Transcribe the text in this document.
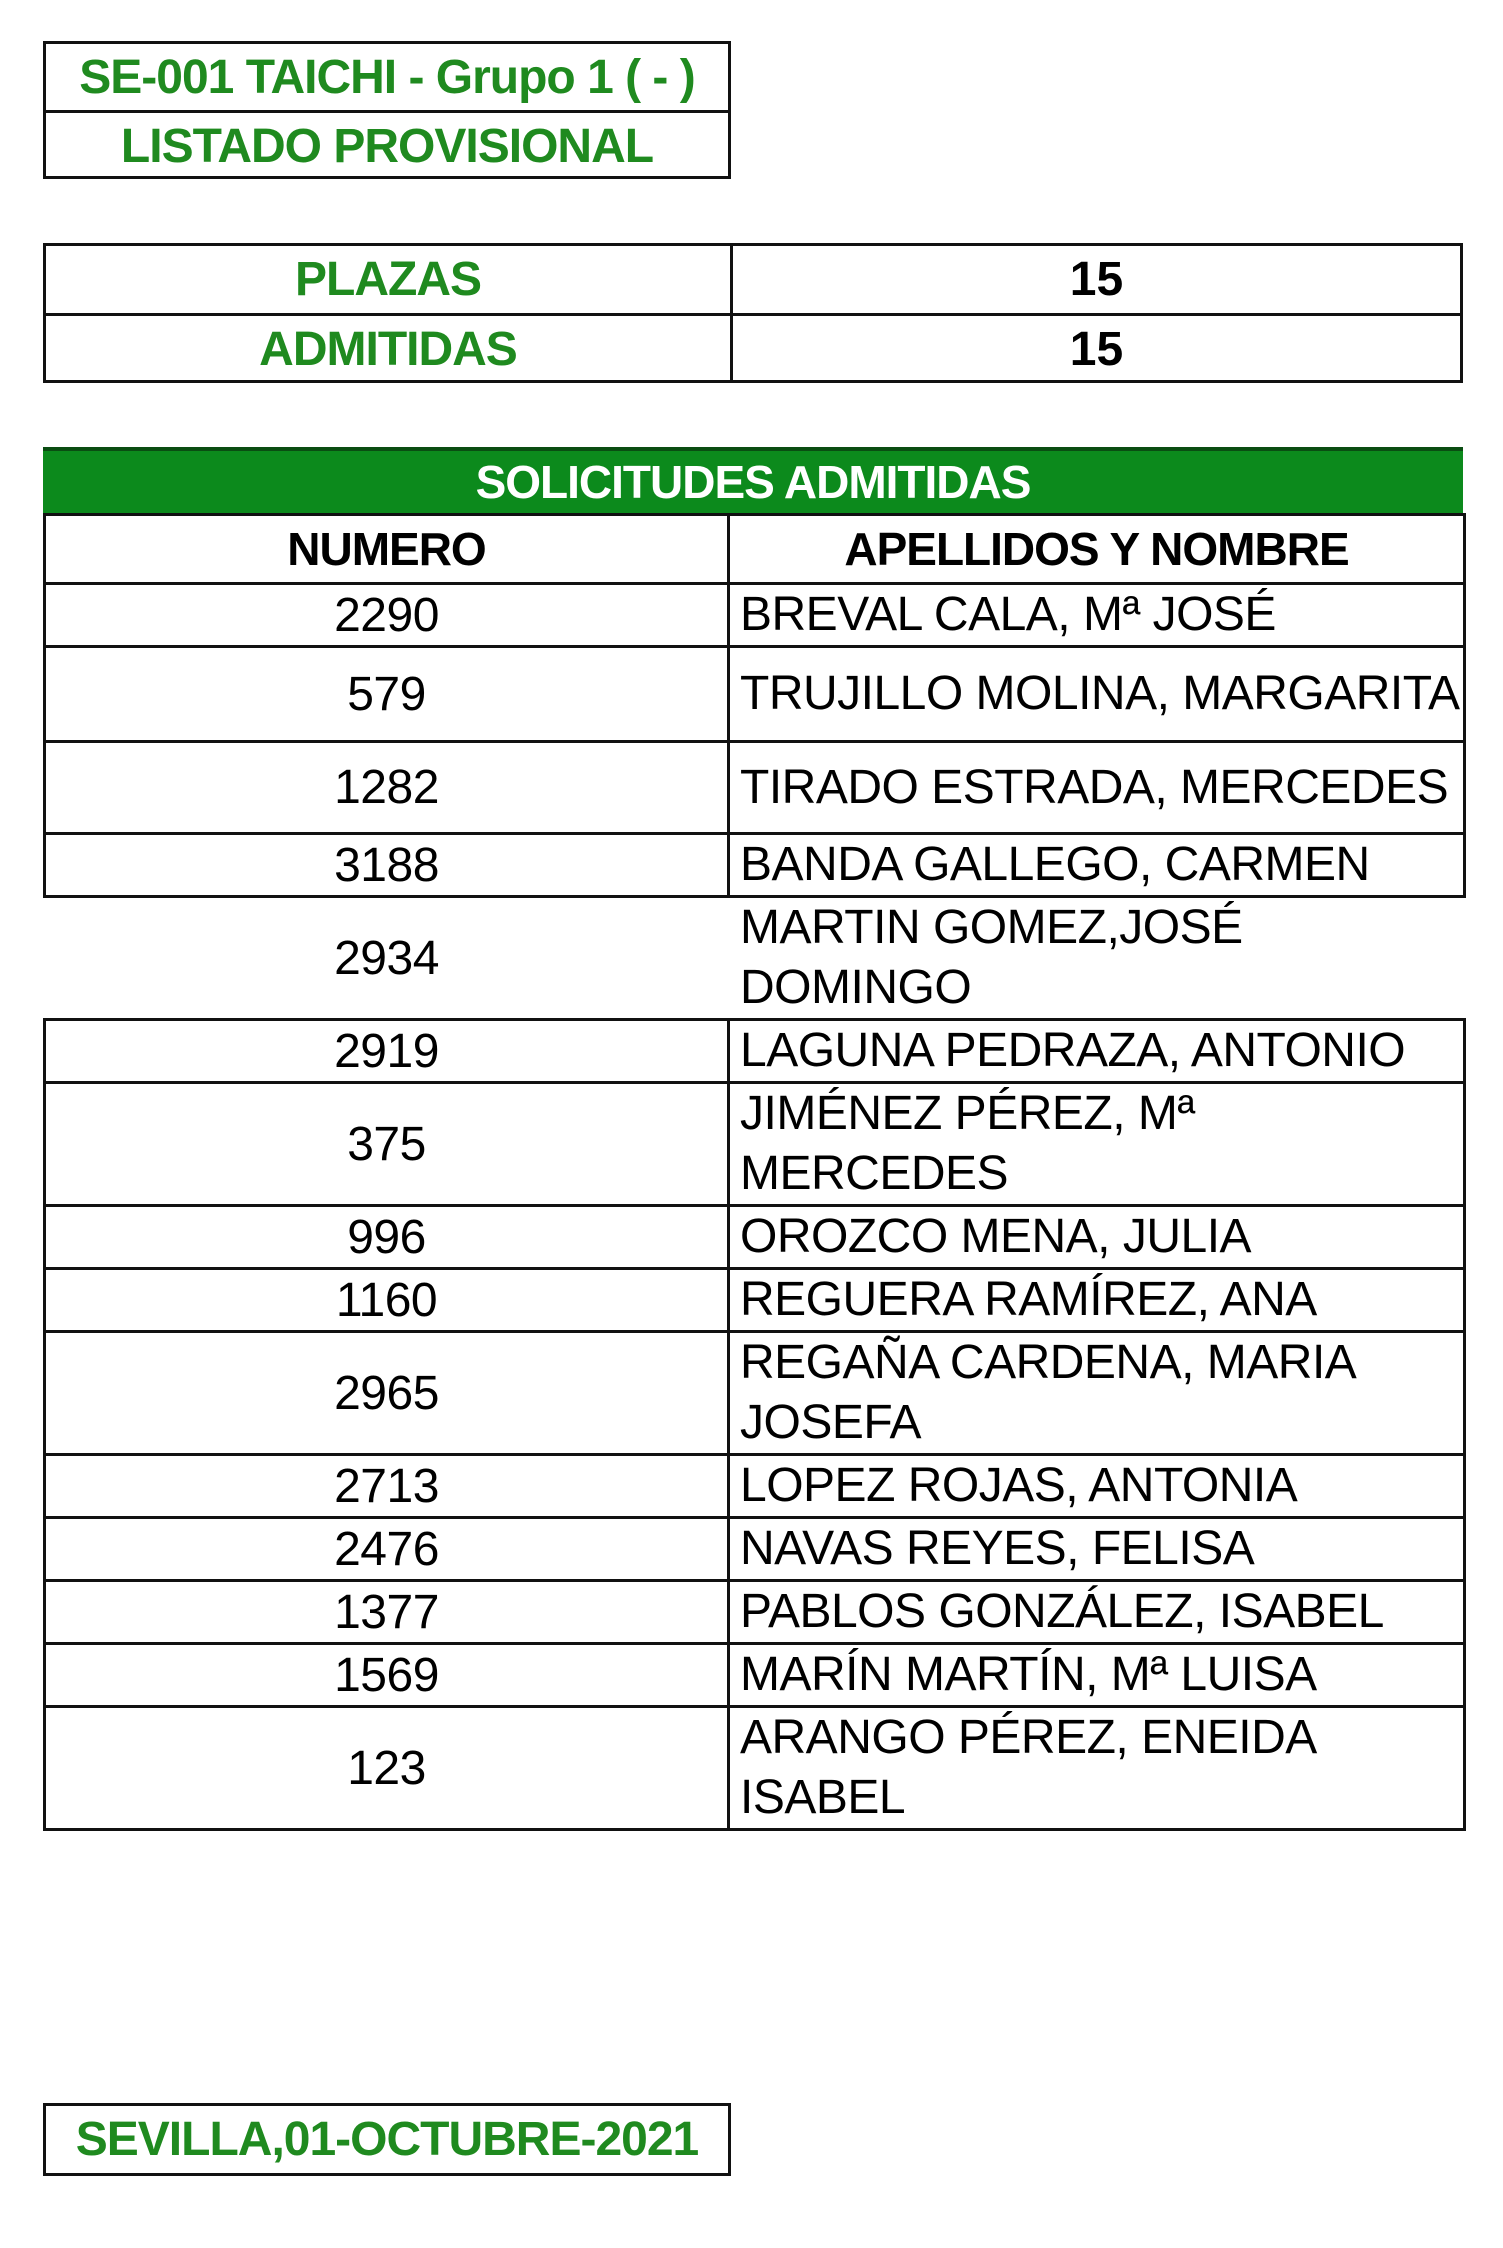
SE-001 TAICHI - Grupo 1 ( - )
LISTADO PROVISIONAL
PLAZAS	15
ADMITIDAS	15
SOLICITUDES ADMITIDAS
NUMERO	APELLIDOS Y NOMBRE
2290	BREVAL CALA, Mª JOSÉ
579	TRUJILLO MOLINA, MARGARITA
1282	TIRADO ESTRADA, MERCEDES
3188	BANDA GALLEGO, CARMEN
2934	MARTIN GOMEZ,JOSÉ DOMINGO
2919	LAGUNA PEDRAZA, ANTONIO
375	JIMÉNEZ PÉREZ, Mª MERCEDES
996	OROZCO MENA, JULIA
1160	REGUERA RAMÍREZ, ANA
2965	REGAÑA CARDENA, MARIA JOSEFA
2713	LOPEZ ROJAS, ANTONIA
2476	NAVAS REYES, FELISA
1377	PABLOS GONZÁLEZ, ISABEL
1569	MARÍN MARTÍN, Mª LUISA
123	ARANGO PÉREZ, ENEIDA ISABEL
SEVILLA,01-OCTUBRE-2021
